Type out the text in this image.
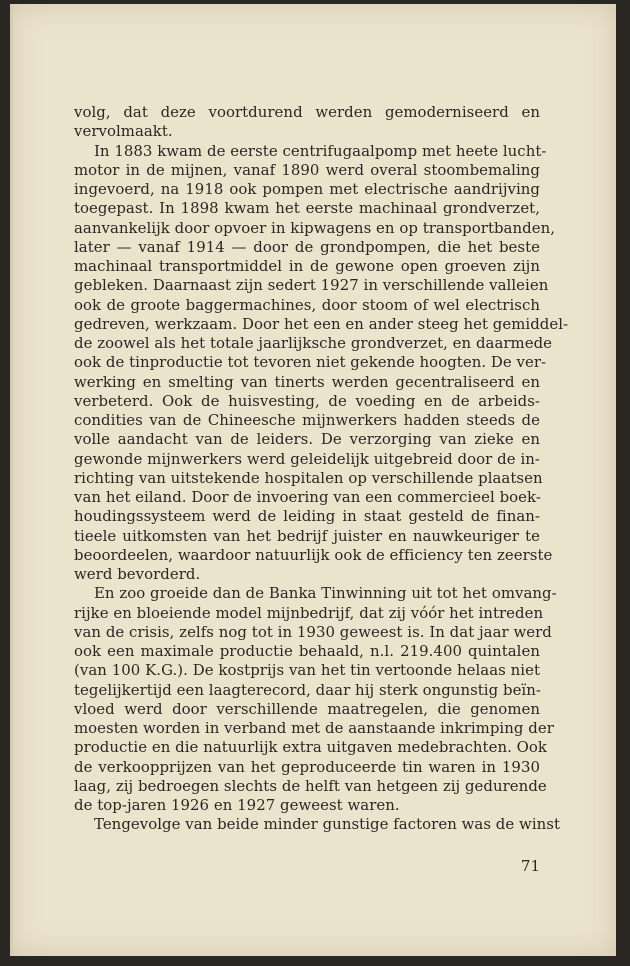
volg, dat deze voortdurend werden gemoderniseerd en
vervolmaakt.
In 1883 kwam de eerste centrifugaalpomp met heete lucht-
motor in de mijnen, vanaf 1890 werd overal stoombemaling
ingevoerd, na 1918 ook pompen met electrische aandrijving
toegepast. In 1898 kwam het eerste machinaal grondverzet,
aanvankelijk door opvoer in kipwagens en op transportbanden,
later — vanaf 1914 — door de grondpompen, die het beste
machinaal transportmiddel in de gewone open groeven zijn
gebleken. Daarnaast zijn sedert 1927 in verschillende valleien
ook de groote baggermachines, door stoom of wel electrisch
gedreven, werkzaam. Door het een en ander steeg het gemiddel-
de zoowel als het totale jaarlijksche grondverzet, en daarmede
ook de tinproductie tot tevoren niet gekende hoogten. De ver-
werking en smelting van tinerts werden gecentraliseerd en
verbeterd. Ook de huisvesting, de voeding en de arbeids-
condities van de Chineesche mijnwerkers hadden steeds de
volle aandacht van de leiders. De verzorging van zieke en
gewonde mijnwerkers werd geleidelijk uitgebreid door de in-
richting van uitstekende hospitalen op verschillende plaatsen
van het eiland. Door de invoering van een commercieel boek-
houdingssysteem werd de leiding in staat gesteld de finan-
tieele uitkomsten van het bedrijf juister en nauwkeuriger te
beoordeelen, waardoor natuurlijk ook de efficiency ten zeerste
werd bevorderd.
En zoo groeide dan de Banka Tinwinning uit tot het omvang-
rijke en bloeiende model mijnbedrijf, dat zij vóór het intreden
van de crisis, zelfs nog tot in 1930 geweest is. In dat jaar werd
ook een maximale productie behaald, n.l. 219.400 quintalen
(van 100 K.G.). De kostprijs van het tin vertoonde helaas niet
tegelijkertijd een laagterecord, daar hij sterk ongunstig beïn-
vloed werd door verschillende maatregelen, die genomen
moesten worden in verband met de aanstaande inkrimping der
productie en die natuurlijk extra uitgaven medebrachten. Ook
de verkoopprijzen van het geproduceerde tin waren in 1930
laag, zij bedroegen slechts de helft van hetgeen zij gedurende
de top-jaren 1926 en 1927 geweest waren.
Tengevolge van beide minder gunstige factoren was de winst
71
